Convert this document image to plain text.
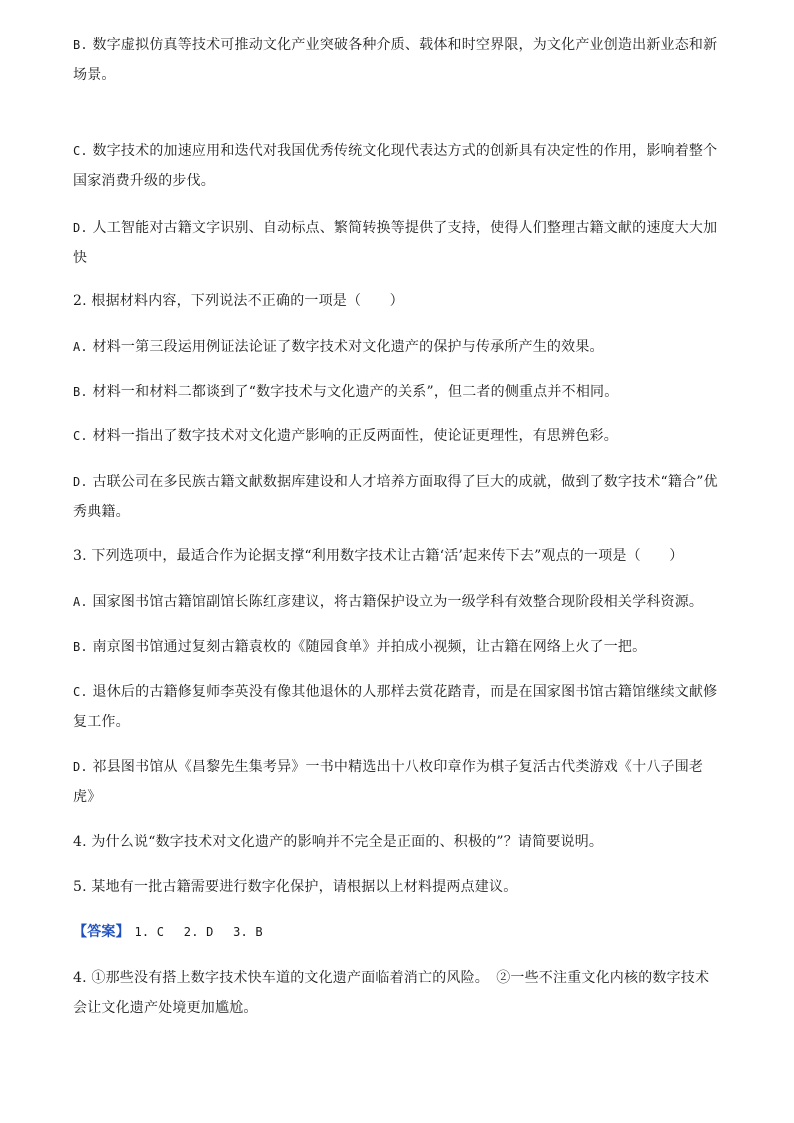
B. 数字虚拟仿真等技术可推动文化产业突破各种介质、载体和时空界限，为文化产业创造出新业态和新场景。

C. 数字技术的加速应用和迭代对我国优秀传统文化现代表达方式的创新具有决定性的作用，影响着整个国家消费升级的步伐。

D. 人工智能对古籍文字识别、自动标点、繁简转换等提供了支持，使得人们整理古籍文献的速度大大加快

2. 根据材料内容，下列说法不正确的一项是（　　）

A. 材料一第三段运用例证法论证了数字技术对文化遗产的保护与传承所产生的效果。

B. 材料一和材料二都谈到了“数字技术与文化遗产的关系”，但二者的侧重点并不相同。

C. 材料一指出了数字技术对文化遗产影响的正反两面性，使论证更理性，有思辨色彩。

D. 古联公司在多民族古籍文献数据库建设和人才培养方面取得了巨大的成就，做到了数字技术“籍合”优秀典籍。

3. 下列选项中，最适合作为论据支撑“利用数字技术让古籍‘活’起来传下去”观点的一项是（　　）

A. 国家图书馆古籍馆副馆长陈红彦建议，将古籍保护设立为一级学科有效整合现阶段相关学科资源。

B. 南京图书馆通过复刻古籍袁枚的《随园食单》并拍成小视频，让古籍在网络上火了一把。

C. 退休后的古籍修复师李英没有像其他退休的人那样去赏花踏青，而是在国家图书馆古籍馆继续文献修复工作。

D. 祁县图书馆从《昌黎先生集考异》一书中精选出十八枚印章作为棋子复活古代类游戏《十八子围老虎》

4. 为什么说“数字技术对文化遗产的影响并不完全是正面的、积极的”？请简要说明。

5. 某地有一批古籍需要进行数字化保护，请根据以上材料提两点建议。

【答案】 1. C　 2. D　 3. B

4. ①那些没有搭上数字技术快车道的文化遗产面临着消亡的风险。　②一些不注重文化内核的数字技术会让文化遗产处境更加尴尬。
